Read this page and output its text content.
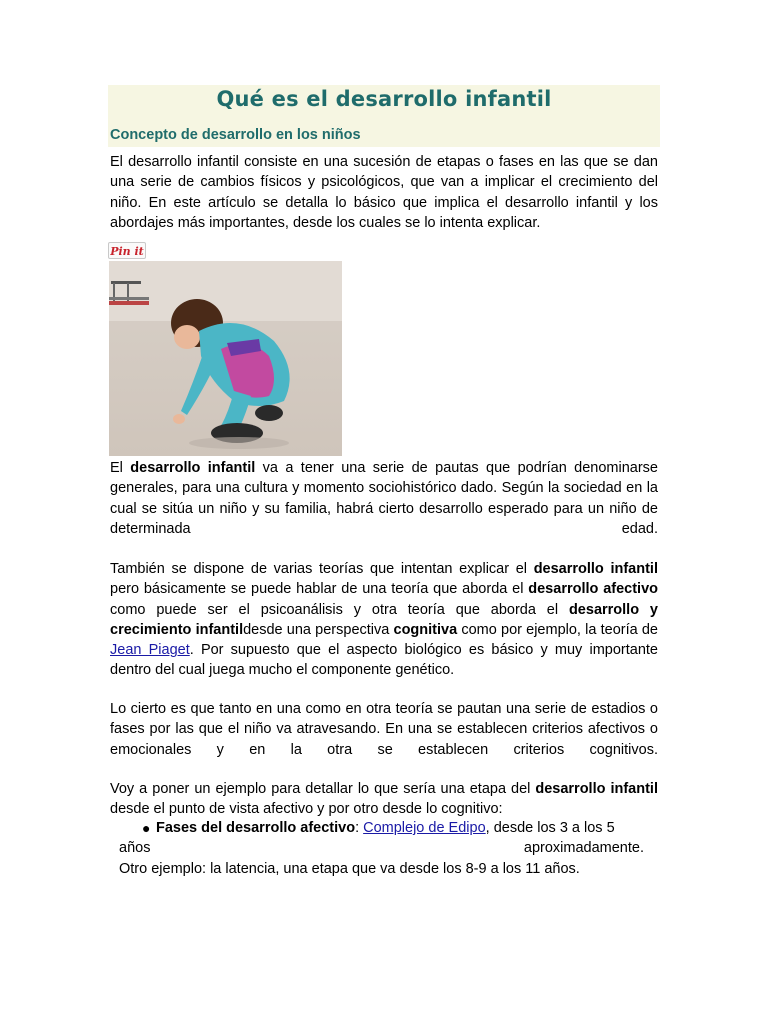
Qué es el desarrollo infantil
Concepto de desarrollo en los niños

El desarrollo infantil consiste en una sucesión de etapas o fases en las que se dan una serie de cambios físicos y psicológicos, que van a implicar el crecimiento del niño. En este artículo se detalla lo básico que implica el desarrollo infantil y los abordajes más importantes, desde los cuales se lo intenta explicar.

Pin it

El desarrollo infantil va a tener una serie de pautas que podrían denominarse generales, para una cultura y momento sociohistórico dado. Según la sociedad en la cual se sitúa un niño y su familia, habrá cierto desarrollo esperado para un niño de determinada edad.

También se dispone de varias teorías que intentan explicar el desarrollo infantil pero básicamente se puede hablar de una teoría que aborda el desarrollo afectivo como puede ser el psicoanálisis y otra teoría que aborda el desarrollo y crecimiento infantildesde una perspectiva cognitiva como por ejemplo, la teoría de Jean Piaget. Por supuesto que el aspecto biológico es básico y muy importante dentro del cual juega mucho el componente genético.

Lo cierto es que tanto en una como en otra teoría se pautan una serie de estadios o fases por las que el niño va atravesando. En una se establecen criterios afectivos o emocionales y en la otra se establecen criterios cognitivos.

Voy a poner un ejemplo para detallar lo que sería una etapa del desarrollo infantil desde el punto de vista afectivo y por otro desde lo cognitivo:

● Fases del desarrollo afectivo: Complejo de Edipo, desde los 3 a los 5
años aproximadamente.
Otro ejemplo: la latencia, una etapa que va desde los 8-9 a los 11 años.
